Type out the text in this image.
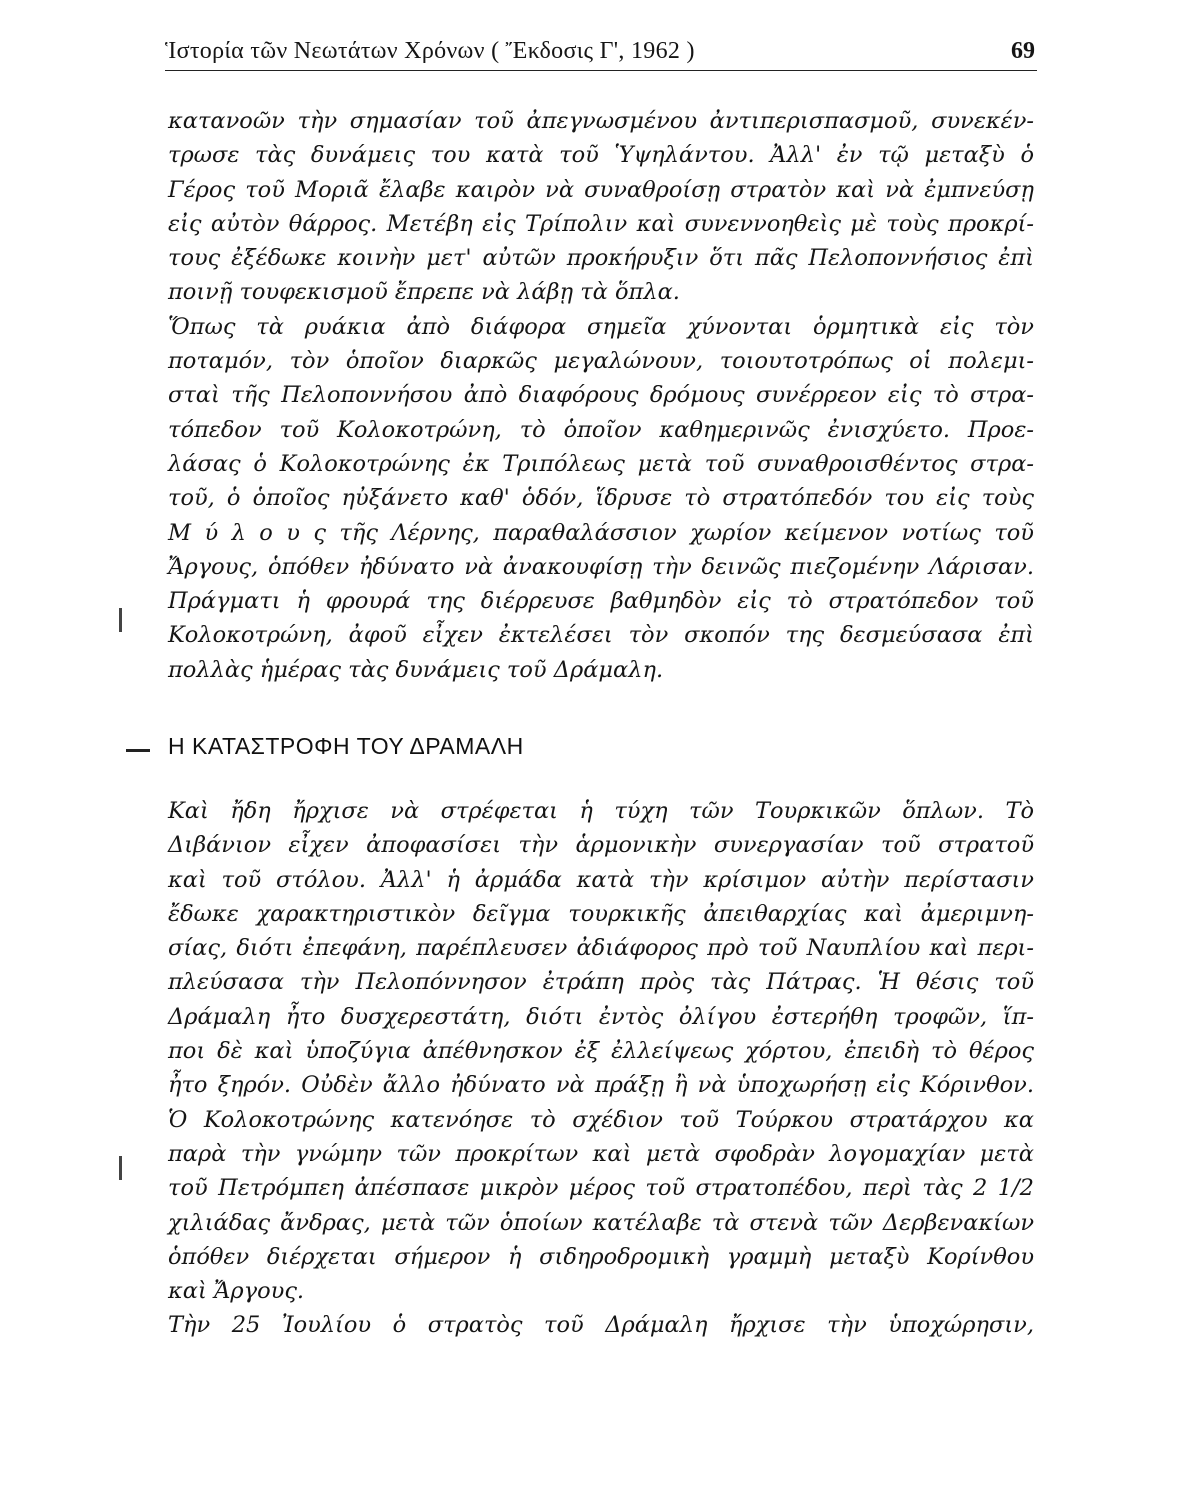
Ἱστορία τῶν Νεωτάτων Χρόνων ( Ἔκδοσις Γ', 1962 )	69
κατανοῶν τὴν σημασίαν τοῦ ἀπεγνωσμένου ἀντιπερισπασμοῦ, συνεκέν-
τρωσε τὰς δυνάμεις του κατὰ τοῦ Ὑψηλάντου. Ἀλλ' ἐν τῷ μεταξὺ ὁ
Γέρος τοῦ Μοριᾶ ἔλαβε καιρὸν νὰ συναθροίσῃ στρατὸν καὶ νὰ ἐμπνεύσῃ
εἰς αὐτὸν θάρρος. Μετέβη εἰς Τρίπολιν καὶ συνεννοηθεὶς μὲ τοὺς προκρί-
τους ἐξέδωκε κοινὴν μετ' αὐτῶν προκήρυξιν ὅτι πᾶς Πελοποννήσιος ἐπὶ
ποινῇ τουφεκισμοῦ ἔπρεπε νὰ λάβῃ τὰ ὅπλα.
Ὅπως τὰ ρυάκια ἀπὸ διάφορα σημεῖα χύνονται ὁρμητικὰ εἰς τὸν
ποταμόν, τὸν ὁποῖον διαρκῶς μεγαλώνουν, τοιουτοτρόπως οἱ πολεμι-
σταὶ τῆς Πελοποννήσου ἀπὸ διαφόρους δρόμους συνέρρεον εἰς τὸ στρα-
τόπεδον τοῦ Κολοκοτρώνη, τὸ ὁποῖον καθημερινῶς ἐνισχύετο. Προε-
λάσας ὁ Κολοκοτρώνης ἐκ Τριπόλεως μετὰ τοῦ συναθροισθέντος στρα-
τοῦ, ὁ ὁποῖος ηὐξάνετο καθ' ὁδόν, ἵδρυσε τὸ στρατόπεδόν του εἰς τοὺς
Μ ύ λ ο υ ς τῆς Λέρνης, παραθαλάσσιον χωρίον κείμενον νοτίως τοῦ
Ἄργους, ὁπόθεν ἠδύνατο νὰ ἀνακουφίσῃ τὴν δεινῶς πιεζομένην Λάρισαν.
Πράγματι ἡ φρουρά της διέρρευσε βαθμηδὸν εἰς τὸ στρατόπεδον τοῦ
Κολοκοτρώνη, ἀφοῦ εἶχεν ἐκτελέσει τὸν σκοπόν της δεσμεύσασα ἐπὶ
πολλὰς ἡμέρας τὰς δυνάμεις τοῦ Δράμαλη.
Η ΚΑΤΑΣΤΡΟΦΗ ΤΟΥ ΔΡΑΜΑΛΗ
Καὶ ἤδη ἤρχισε νὰ στρέφεται ἡ τύχη τῶν Τουρκικῶν ὅπλων. Τὸ
Διβάνιον εἶχεν ἀποφασίσει τὴν ἁρμονικὴν συνεργασίαν τοῦ στρατοῦ
καὶ τοῦ στόλου. Ἀλλ' ἡ ἀρμάδα κατὰ τὴν κρίσιμον αὐτὴν περίστασιν
ἔδωκε χαρακτηριστικὸν δεῖγμα τουρκικῆς ἀπειθαρχίας καὶ ἀμεριμνη-
σίας, διότι ἐπεφάνη, παρέπλευσεν ἀδιάφορος πρὸ τοῦ Ναυπλίου καὶ περι-
πλεύσασα τὴν Πελοπόννησον ἐτράπη πρὸς τὰς Πάτρας. Ἡ θέσις τοῦ
Δράμαλη ἦτο δυσχερεστάτη, διότι ἐντὸς ὀλίγου ἐστερήθη τροφῶν, ἵπ-
ποι δὲ καὶ ὑποζύγια ἀπέθνησκον ἐξ ἐλλείψεως χόρτου, ἐπειδὴ τὸ θέρος
ἦτο ξηρόν. Οὐδὲν ἄλλο ἠδύνατο νὰ πράξῃ ἢ νὰ ὑποχωρήσῃ εἰς Κόρινθον.
Ὁ Κολοκοτρώνης κατενόησε τὸ σχέδιον τοῦ Τούρκου στρατάρχου κα
παρὰ τὴν γνώμην τῶν προκρίτων καὶ μετὰ σφοδρὰν λογομαχίαν μετὰ
τοῦ Πετρόμπεη ἀπέσπασε μικρὸν μέρος τοῦ στρατοπέδου, περὶ τὰς 2 1/2
χιλιάδας ἄνδρας, μετὰ τῶν ὁποίων κατέλαβε τὰ στενὰ τῶν Δερβενακίων
ὁπόθεν διέρχεται σήμερον ἡ σιδηροδρομικὴ γραμμὴ μεταξὺ Κορίνθου
καὶ Ἄργους.
Τὴν 25 Ἰουλίου ὁ στρατὸς τοῦ Δράμαλη ἤρχισε τὴν ὑποχώρησιν,
